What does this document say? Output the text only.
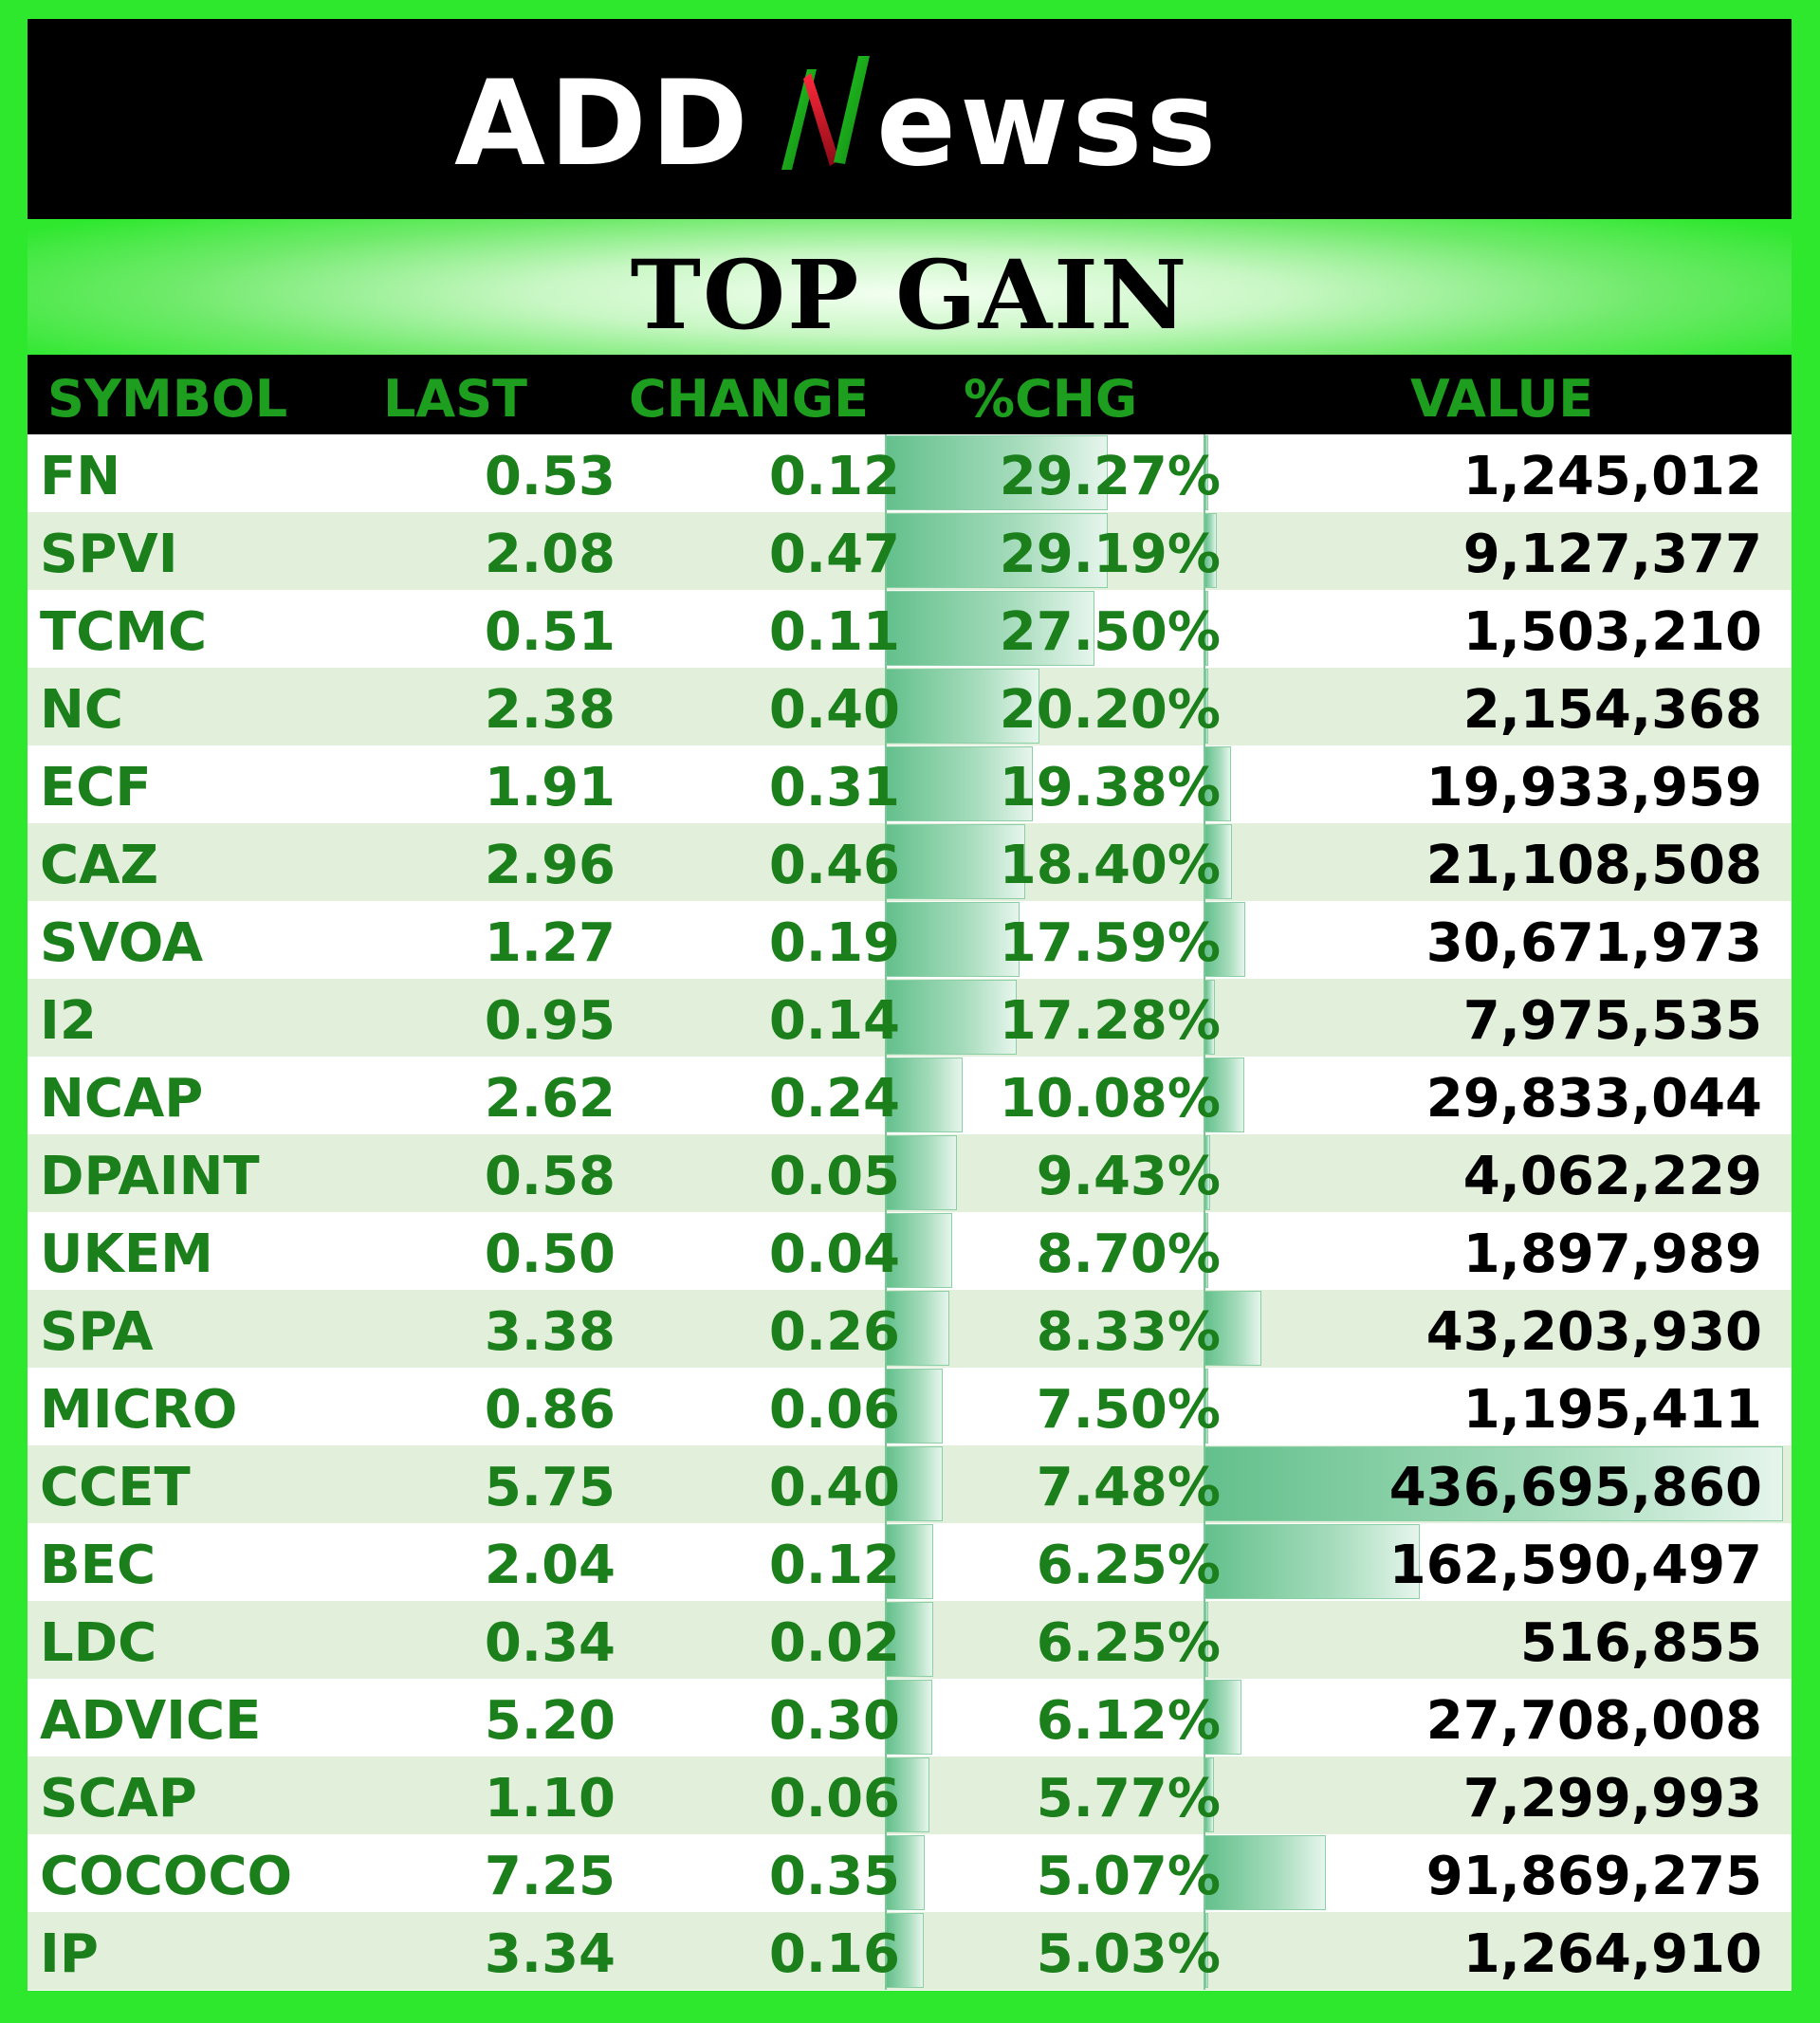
ADD ewss
TOP GAIN
SYMBOL LAST CHANGE %CHG	VALUE
FN	0.53	0.12 29.27%	1,245,012
SPVI	2.08	0.47 29.19%	9,127,377
TCMC	0.51	0.11 27.50%	1,503,210
NC	2.38	0.40 20.20%	2,154,368
ECF	1.91	0.31 19.38%	19,933,959
CAZ	2.96	0.46 18.40%	21,108,508
SVOA	1.27	0.19 17.59%	30,671,973
I2	0.95	0.14 17.28%	7,975,535
NCAP	2.62	0.24 10.08%	29,833,044
DPAINT	0.58	0.05	9.43%	4,062,229
UKEM	0.50	0.04	8.70%	1,897,989
SPA	3.38	0.26	8.33%	43,203,930
MICRO	0.86	0.06	7.50%	1,195,411
CCET	5.75	0.40	7.48%	436,695,860
BEC	2.04	0.12	6.25%	162,590,497
LDC	0.34	0.02	6.25%	516,855
ADVICE	5.20	0.30	6.12%	27,708,008
SCAP	1.10	0.06	5.77%	7,299,993
COCOCO	7.25	0.35	5.07%	91,869,275
IP	3.34	0.16	5.03%	1,264,910
